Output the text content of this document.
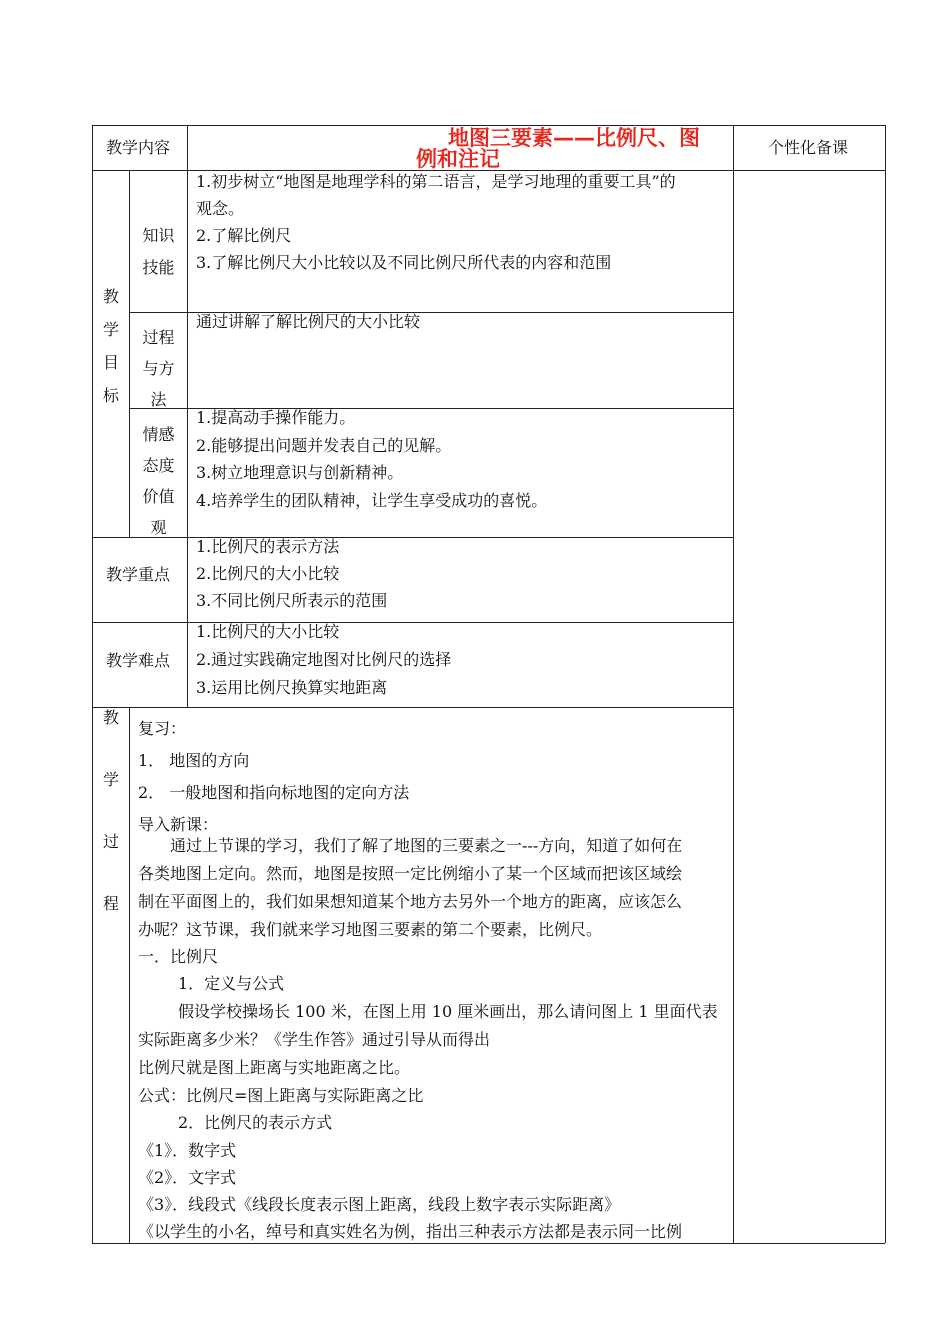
教学内容	地图三要素——比例尺、图
例和注记	个性化备课
教
学
目
标
知识
技能
1.初步树立“地图是地理学科的第二语言，是学习地理的重要工具”的
观念。
2.了解比例尺
3.了解比例尺大小比较以及不同比例尺所代表的内容和范围
过程
与方
法
通过讲解了解比例尺的大小比较
情感
态度
价值
观
1.提高动手操作能力。
2.能够提出问题并发表自己的见解。
3.树立地理意识与创新精神。
4.培养学生的团队精神，让学生享受成功的喜悦。
教学重点
1.比例尺的表示方法
2.比例尺的大小比较
3.不同比例尺所表示的范围
教学难点
1.比例尺的大小比较
2.通过实践确定地图对比例尺的选择
3.运用比例尺换算实地距离
教
学
过
程
复习：
1． 地图的方向
2． 一般地图和指向标地图的定向方法
导入新课：
通过上节课的学习，我们了解了地图的三要素之一---方向，知道了如何在
各类地图上定向。然而，地图是按照一定比例缩小了某一个区域而把该区域绘
制在平面图上的，我们如果想知道某个地方去另外一个地方的距离，应该怎么
办呢？这节课，我们就来学习地图三要素的第二个要素，比例尺。
一．比例尺
1．定义与公式
假设学校操场长 100 米，在图上用 10 厘米画出，那么请问图上 1 里面代表
实际距离多少米？《学生作答》通过引导从而得出
比例尺就是图上距离与实地距离之比。
公式：比例尺=图上距离与实际距离之比
2．比例尺的表示方式
《1》．数字式
《2》．文字式
《3》．线段式《线段长度表示图上距离，线段上数字表示实际距离》
《以学生的小名，绰号和真实姓名为例，指出三种表示方法都是表示同一比例
